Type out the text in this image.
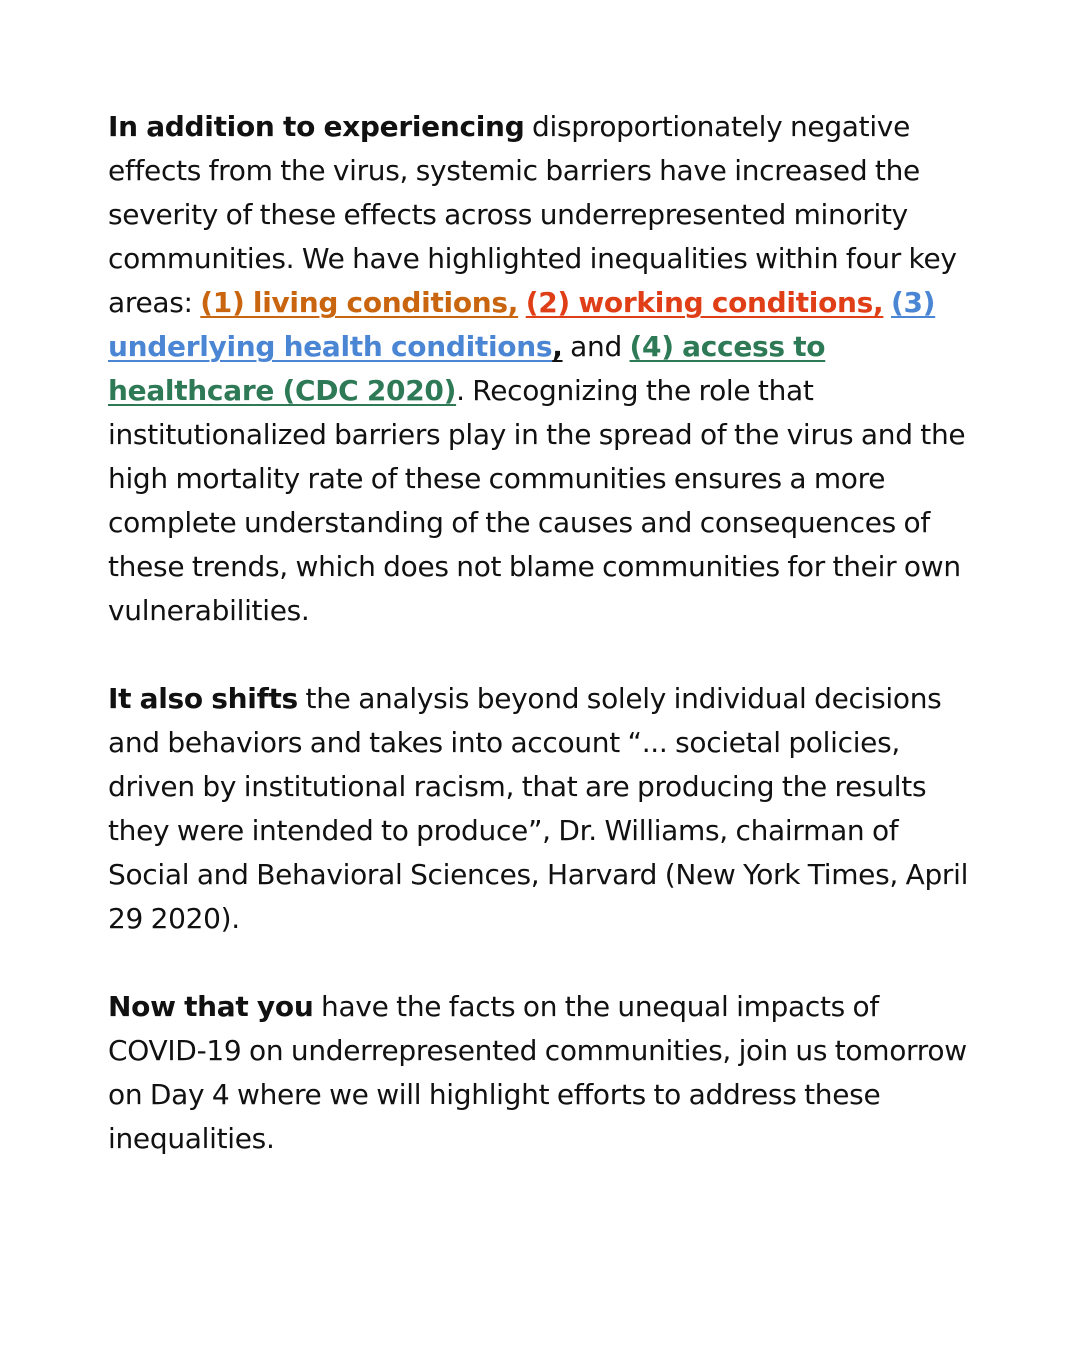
In addition to experiencing disproportionately negative effects from the virus, systemic barriers have increased the severity of these effects across underrepresented minority communities. We have highlighted inequalities within four key areas: (1) living conditions, (2) working conditions, (3) underlying health conditions, and (4) access to healthcare (CDC 2020). Recognizing the role that institutionalized barriers play in the spread of the virus and the high mortality rate of these communities ensures a more complete understanding of the causes and consequences of these trends, which does not blame communities for their own vulnerabilities.

It also shifts the analysis beyond solely individual decisions and behaviors and takes into account “... societal policies, driven by institutional racism, that are producing the results they were intended to produce”, Dr. Williams, chairman of Social and Behavioral Sciences, Harvard (New York Times, April 29 2020).

Now that you have the facts on the unequal impacts of COVID-19 on underrepresented communities, join us tomorrow on Day 4 where we will highlight efforts to address these inequalities.
